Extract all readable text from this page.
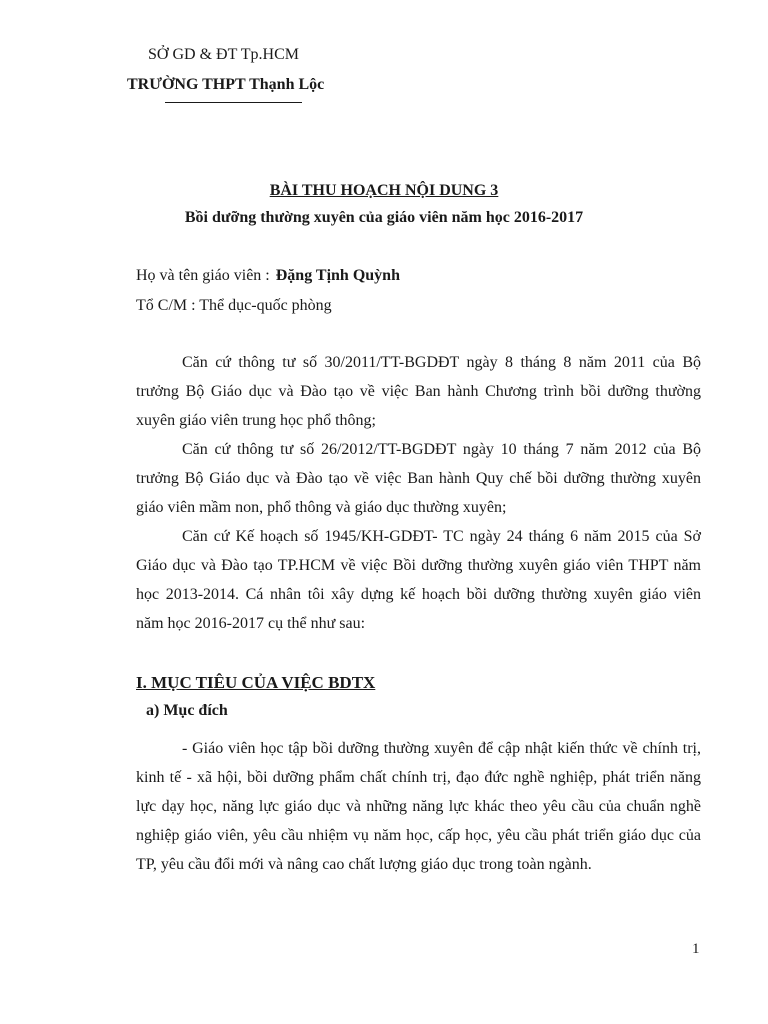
SỞ GD & ĐT Tp.HCM
TRƯỜNG THPT Thạnh Lộc
BÀI THU HOẠCH NỘI DUNG 3
Bồi dưỡng thường xuyên của giáo viên năm học 2016-2017
Họ và tên giáo viên : Đặng Tịnh Quỳnh
Tổ C/M : Thể dục-quốc phòng
Căn cứ thông tư số 30/2011/TT-BGDĐT ngày 8 tháng 8 năm 2011 của Bộ
trưởng Bộ Giáo dục và Đào tạo về việc Ban hành Chương trình bồi dưỡng thường
xuyên giáo viên trung học phổ thông;
Căn cứ thông tư số 26/2012/TT-BGDĐT ngày 10 tháng 7 năm 2012 của Bộ
trưởng Bộ Giáo dục và Đào tạo về việc Ban hành Quy chế bồi dưỡng thường xuyên
giáo viên mầm non, phổ thông và giáo dục thường xuyên;
Căn cứ Kế hoạch số 1945/KH-GDĐT- TC ngày 24 tháng 6 năm 2015 của Sở
Giáo dục và Đào tạo TP.HCM về việc Bồi dưỡng thường xuyên giáo viên THPT năm
học 2013-2014. Cá nhân tôi xây dựng kế hoạch bồi dưỡng thường xuyên giáo viên
năm học 2016-2017 cụ thể như sau:
I. MỤC TIÊU CỦA VIỆC BDTX
a) Mục đích
- Giáo viên học tập bồi dưỡng thường xuyên để cập nhật kiến thức về chính trị,
kinh tế - xã hội, bồi dưỡng phẩm chất chính trị, đạo đức nghề nghiệp, phát triển năng
lực dạy học, năng lực giáo dục và những năng lực khác theo yêu cầu của chuẩn nghề
nghiệp giáo viên, yêu cầu nhiệm vụ năm học, cấp học, yêu cầu phát triển giáo dục của
TP, yêu cầu đổi mới và nâng cao chất lượng giáo dục trong toàn ngành.
1
